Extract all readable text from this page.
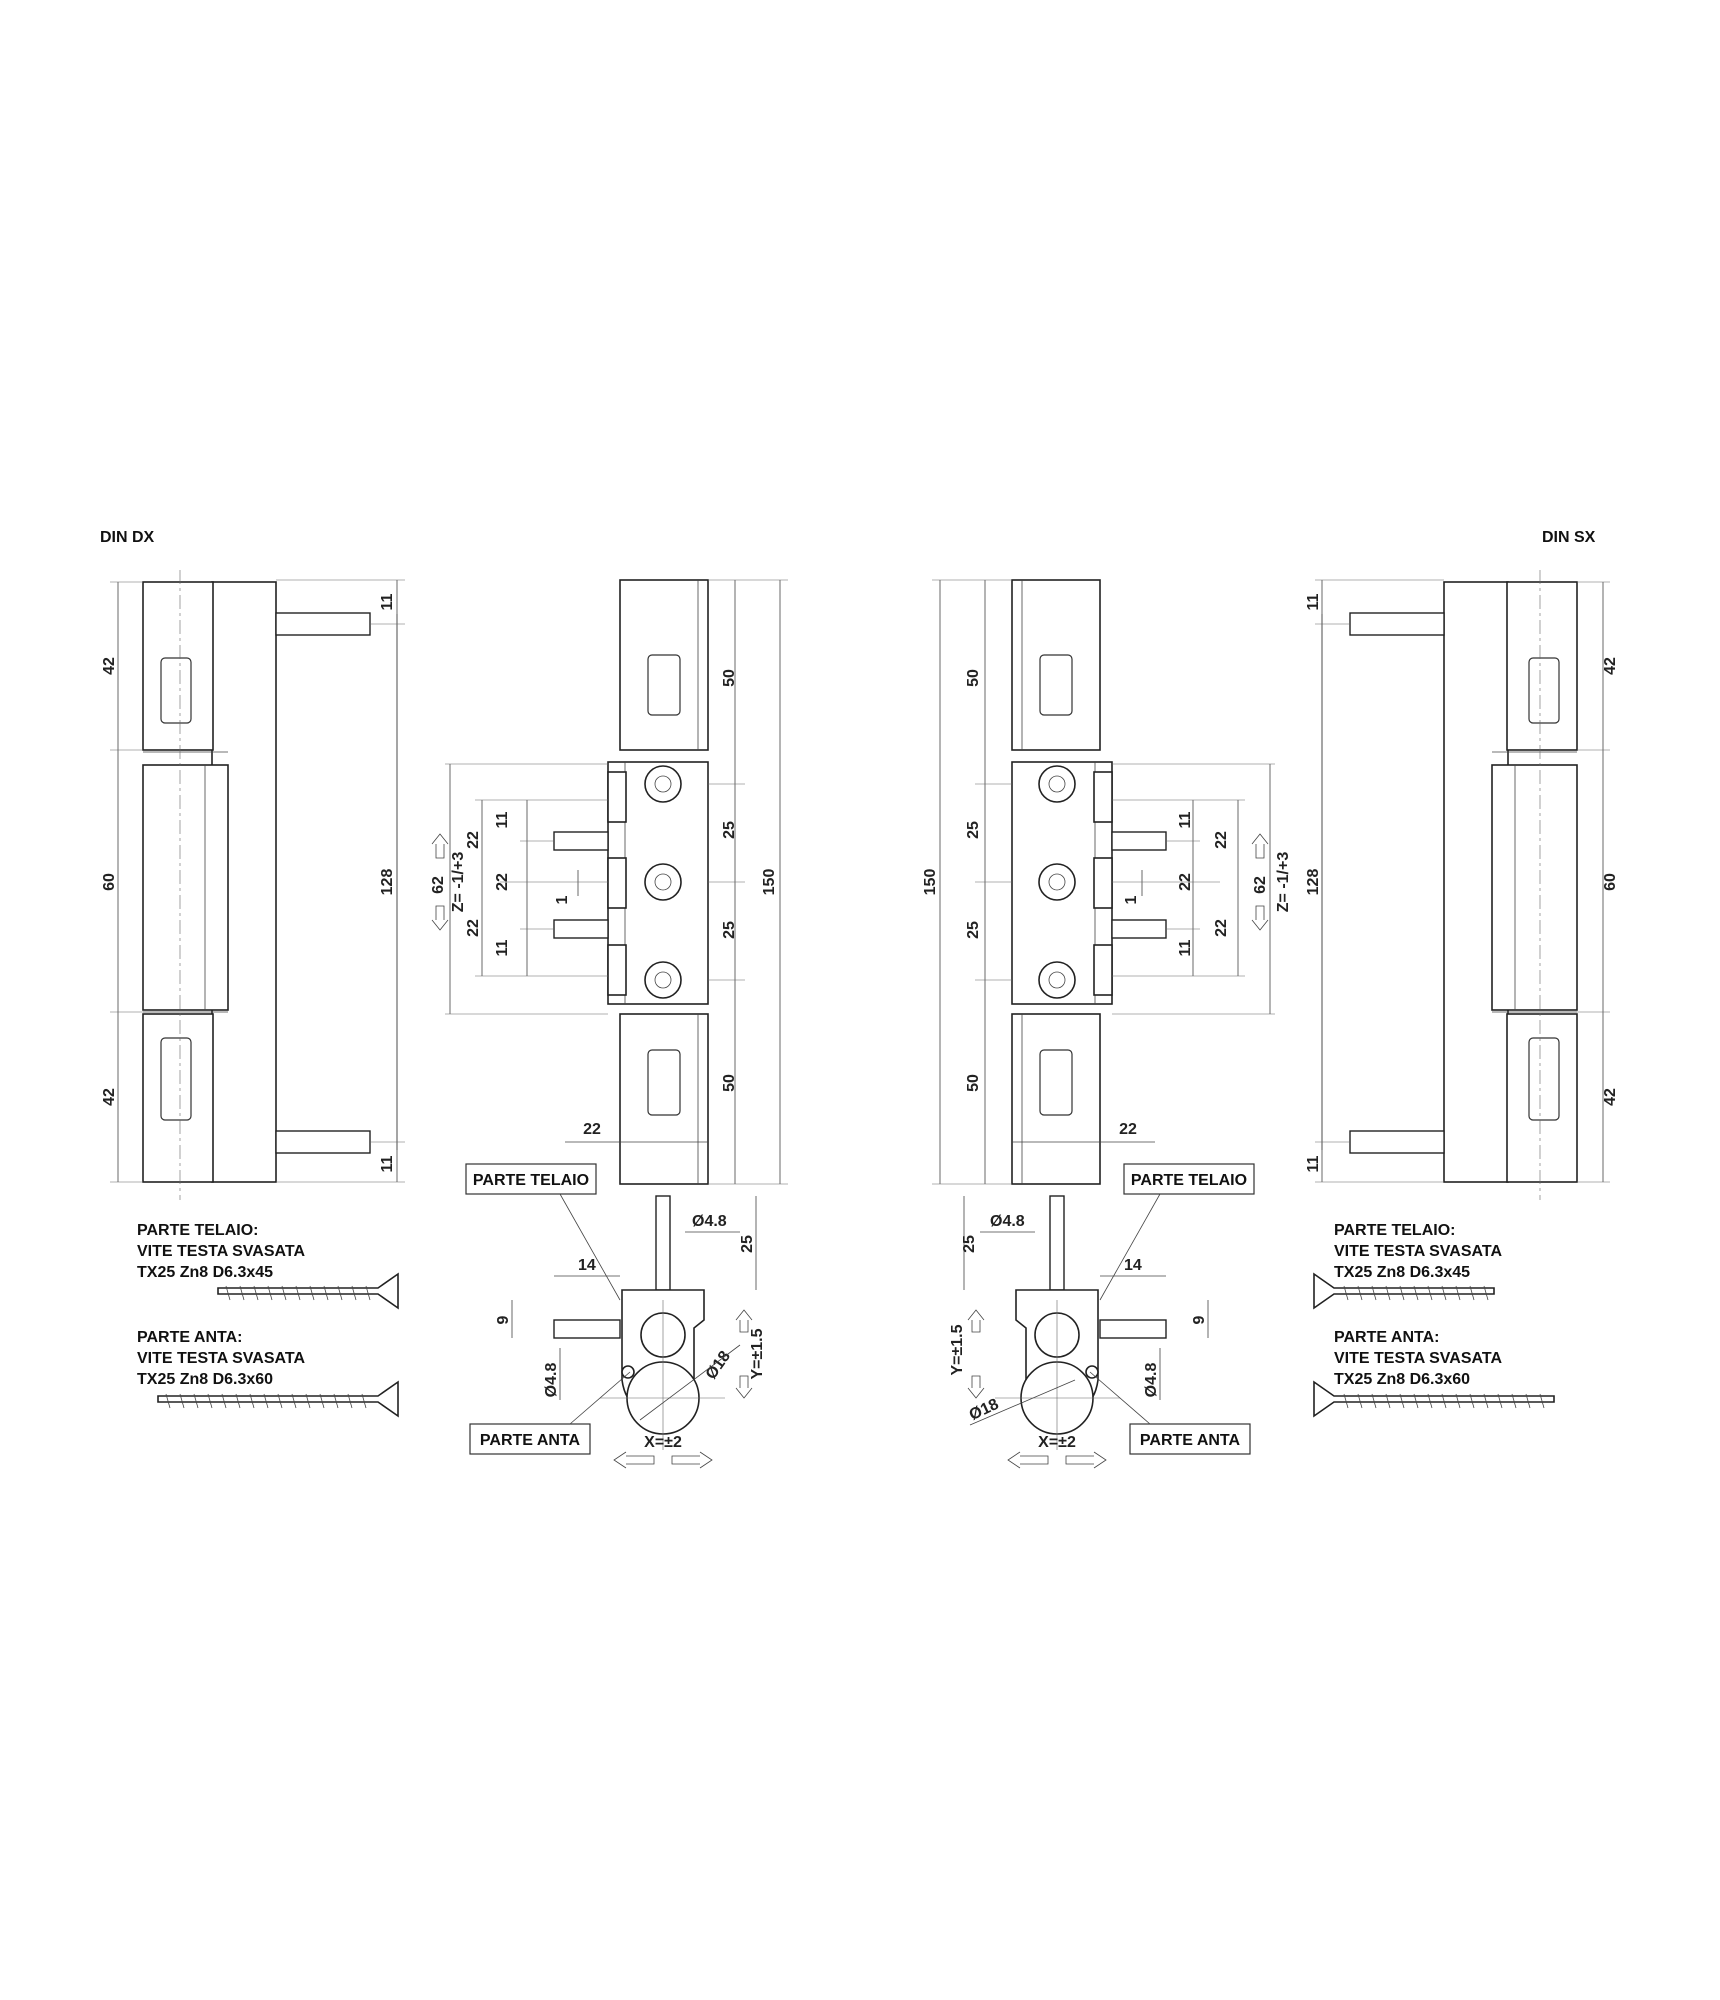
DIN DX	DIN SX
42
60
42
11
128
11
50
25
25
50
150
62 Z= -1/+3
22
22
22
11
11
1
22
150
50
25
25
50
11
11
1
22
22
22
62 Z= -1/+3
22
42
60
42
11
128
11
PARTE TELAIO
PARTE ANTA
Ø4.8
25
14
9
Ø4.8	Ø18 Y=±1.5
X=±2
PARTE TELAIO
PARTE ANTA
Ø4.8
25
14
9
Ø4.8
Ø18
Y=±1.5
X=±2
PARTE TELAIO:
VITE TESTA SVASATA
TX25 Zn8 D6.3x45
PARTE ANTA:
VITE TESTA SVASATA
TX25 Zn8 D6.3x60
PARTE TELAIO:
VITE TESTA SVASATA
TX25 Zn8 D6.3x45
PARTE ANTA:
VITE TESTA SVASATA
TX25 Zn8 D6.3x60
